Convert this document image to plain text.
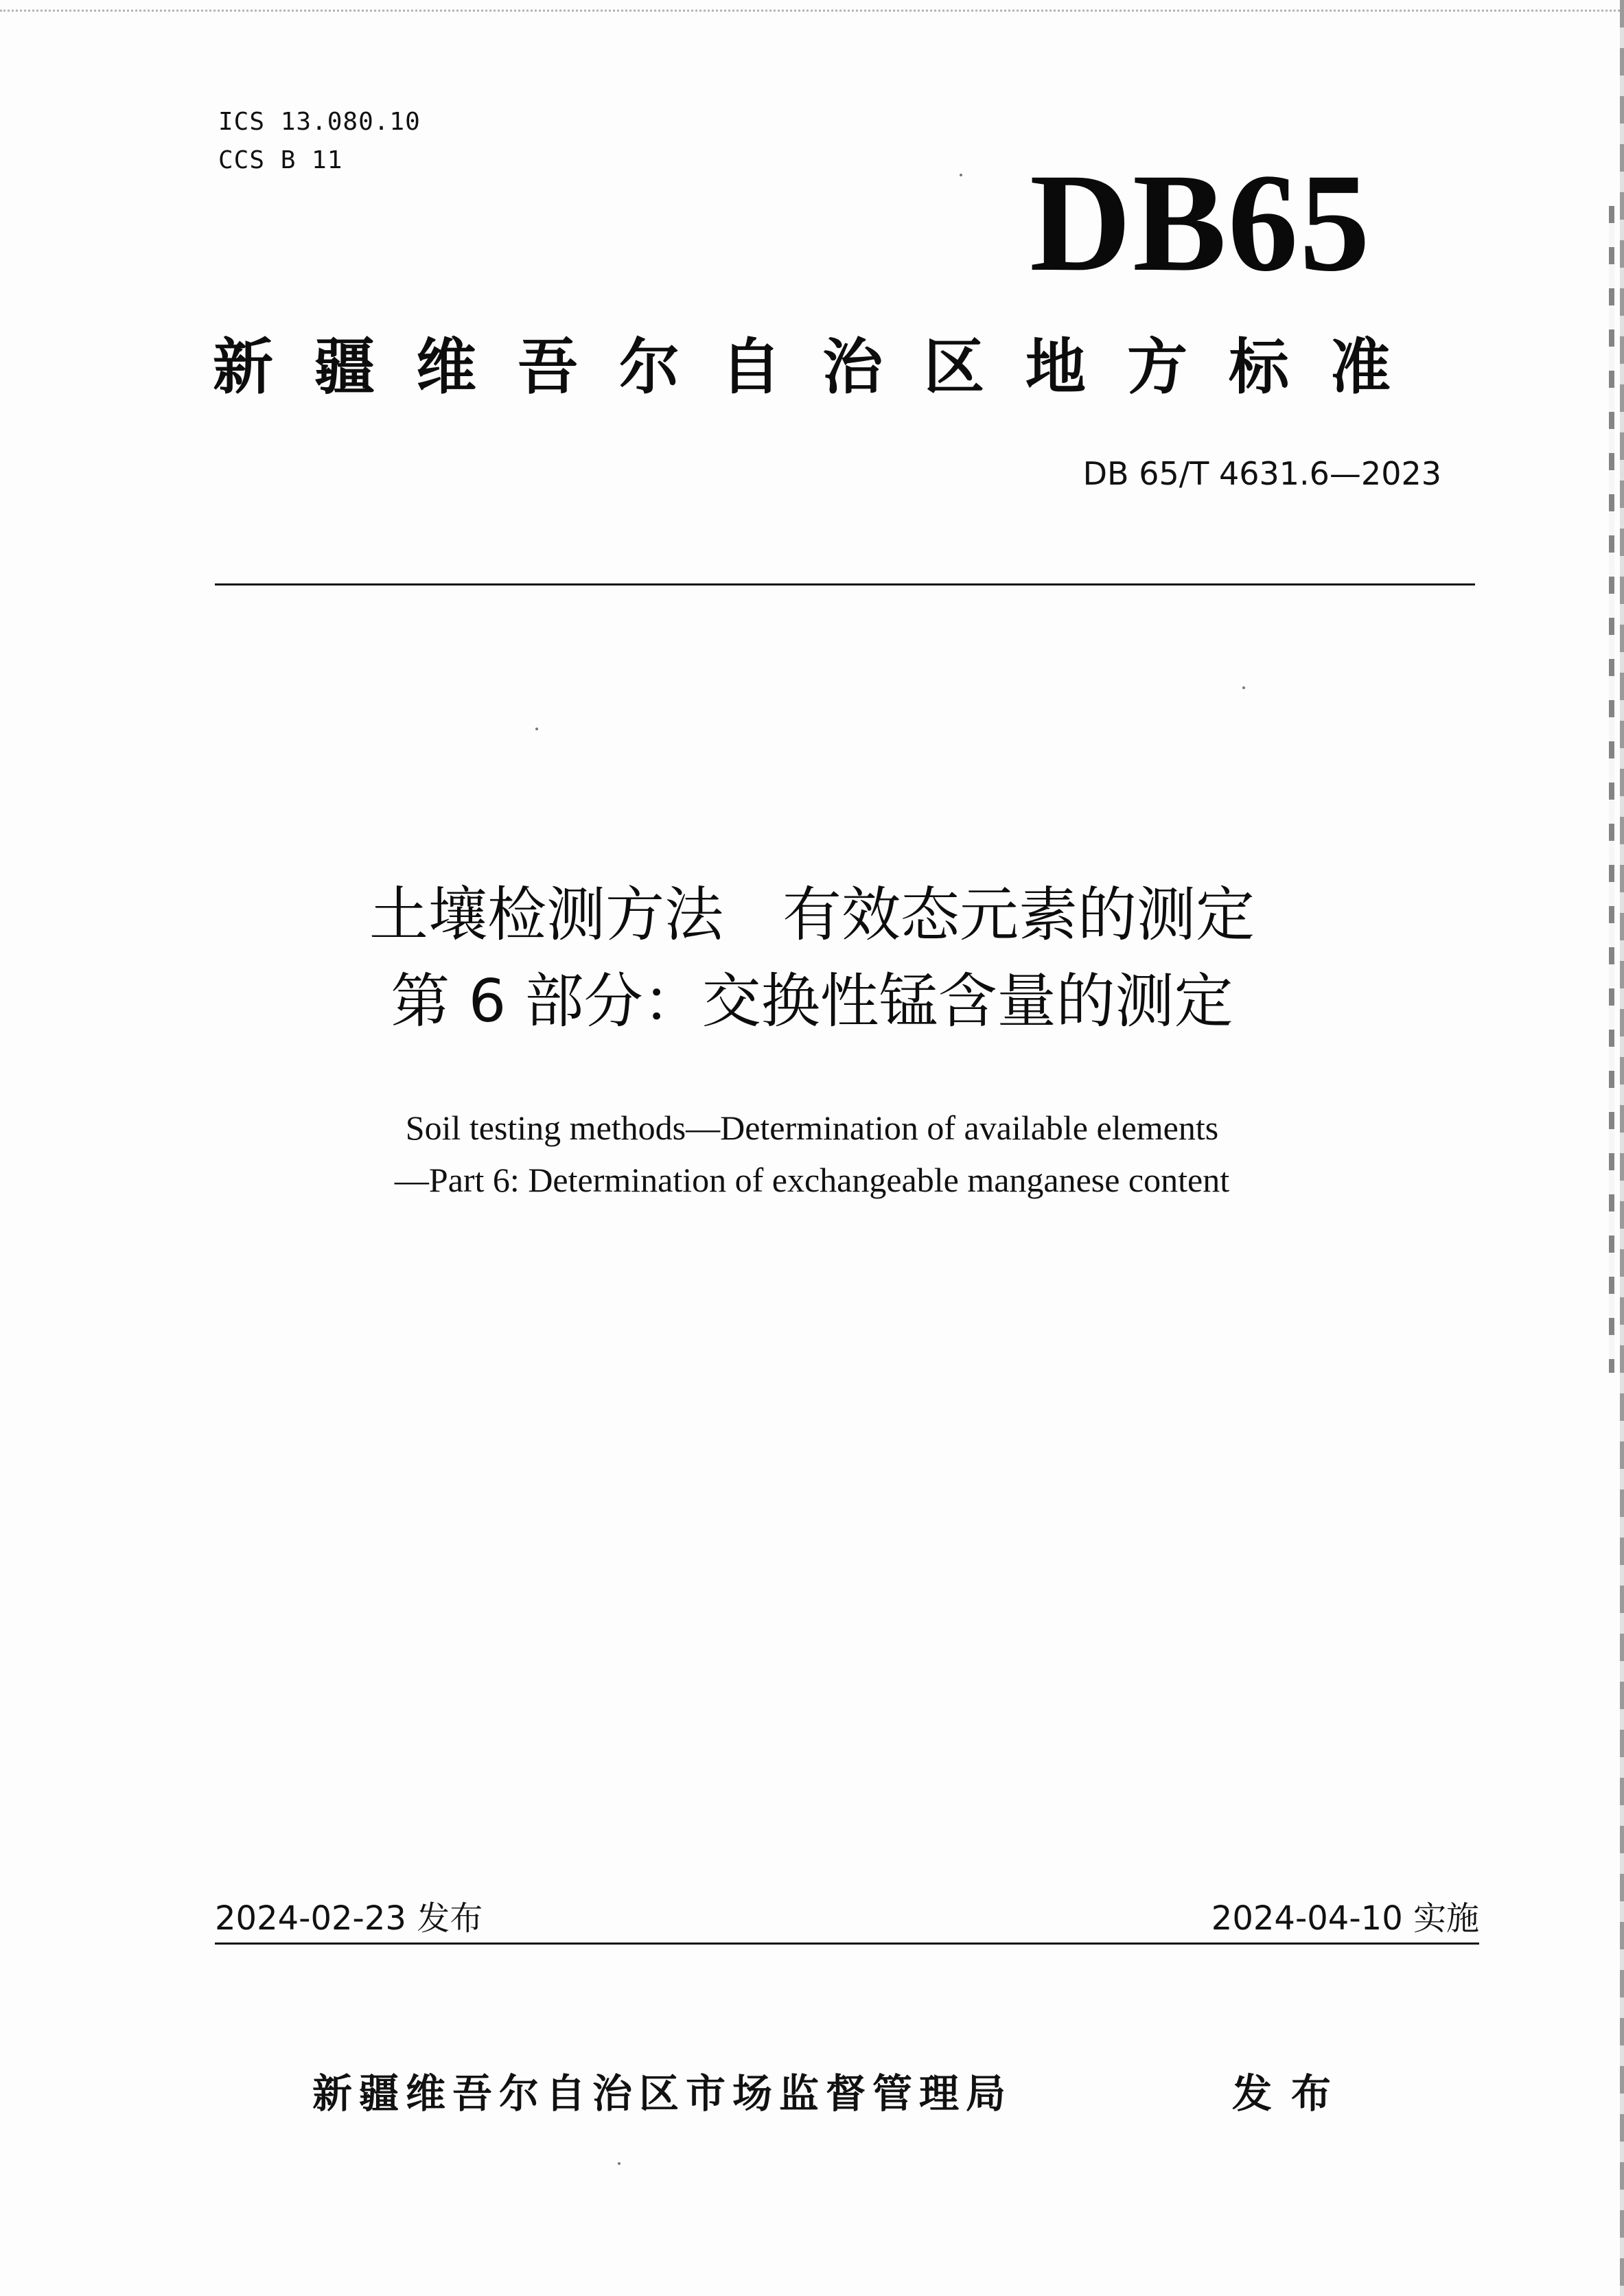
ICS 13.080.10
CCS B 11	DB65
新疆维吾尔自治区地方标准
DB 65/T 4631.6—2023
土壤检测方法　有效态元素的测定
第 6 部分：交换性锰含量的测定
Soil testing methods—Determination of available elements
—Part 6: Determination of exchangeable manganese content
2024-02-23 发布	2024-04-10 实施
新疆维吾尔自治区市场监督管理局	发布
